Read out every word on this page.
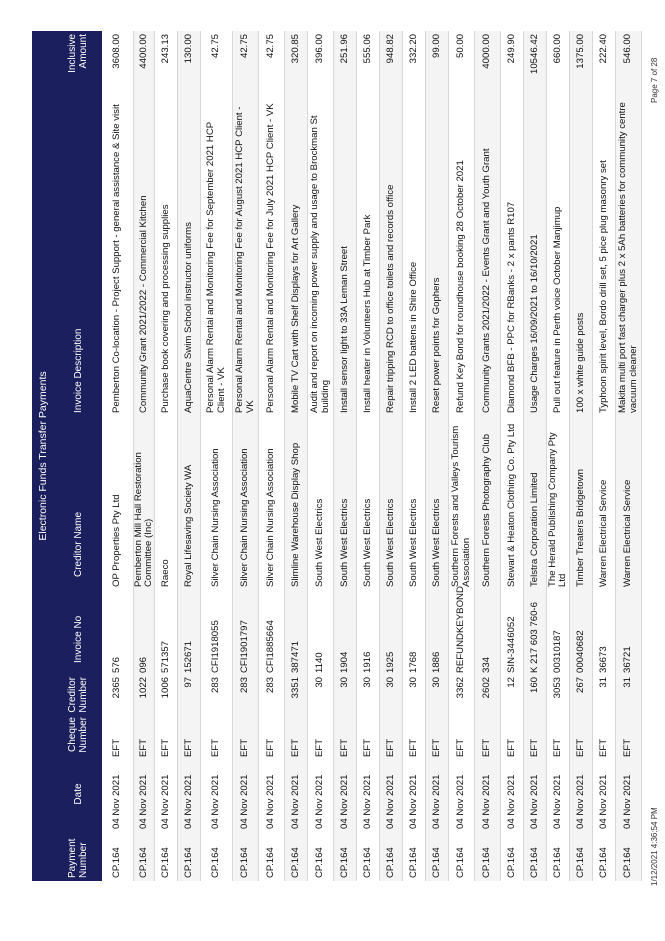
Electronic Funds Transfer Payments
Payment Number
Date
Cheque Number
Creditor Number
Invoice No
Creditor Name
Invoice Description
Inclusive Amount
CP.164
04 Nov 2021
EFT
2365
576
OP Properties Pty Ltd
Pemberton Co-location - Project Support - general assistance & Site visit
3608.00
CP.164
04 Nov 2021
EFT
1022
096
Pemberton Mill Hall Restoration Committee (Inc)
Community Grant 2021/2022 - Commercial Kitchen
4400.00
CP.164
04 Nov 2021
EFT
1006
571357
Raeco
Purchase book covering and processing supplies
243.13
CP.164
04 Nov 2021
EFT
97
152671
Royal Lifesaving Society WA
AquaCentre Swim School instructor uniforms
130.00
CP.164
04 Nov 2021
EFT
283
CFI1918055
Silver Chain Nursing Association
Personal Alarm Rental and Monitoring Fee for September 2021 HCP Client - VK
42.75
CP.164
04 Nov 2021
EFT
283
CFI1901797
Silver Chain Nursing Association
Personal Alarm Rental and Monitoring Fee for August 2021 HCP Client - VK
42.75
CP.164
04 Nov 2021
EFT
283
CFI1885664
Silver Chain Nursing Association
Personal Alarm Rental and Monitoring Fee for July 2021 HCP Client - VK
42.75
CP.164
04 Nov 2021
EFT
3351
387471
Slimline Warehouse Display Shop
Mobile TV Cart with Shelf Displays for Art Gallery
320.85
CP.164
04 Nov 2021
EFT
30
1140
South West Electrics
Audit and report on incoming power supply and usage to Brockman St building
396.00
CP.164
04 Nov 2021
EFT
30
1904
South West Electrics
Install sensor light to 33A Leman Street
251.96
CP.164
04 Nov 2021
EFT
30
1916
South West Electrics
Install heater in Volunteers Hub at Timber Park
555.06
CP.164
04 Nov 2021
EFT
30
1925
South West Electrics
Repair tripping RCD to office toilets and records office
948.82
CP.164
04 Nov 2021
EFT
30
1768
South West Electrics
Install 2 LED battens in Shire Office
332.20
CP.164
04 Nov 2021
EFT
30
1886
South West Electrics
Reset power points for Gophers
99.00
CP.164
04 Nov 2021
EFT
3362
REFUNDKEYBOND
Southern Forests and Valleys Tourism Association
Refund Key Bond for roundhouse booking 28 October 2021
50.00
CP.164
04 Nov 2021
EFT
2602
334
Southern Forests Photography Club
Community Grants 2021/2022 - Events Grant and Youth Grant
4000.00
CP.164
04 Nov 2021
EFT
12
SIN-3446052
Stewart & Heaton Clothing Co. Pty Ltd
Diamond BFB - PPC for RBanks - 2 x pants R107
249.90
CP.164
04 Nov 2021
EFT
160
K 217 603 760-6
Telstra Corporation Limited
Usage Charges 16/09/2021 to 16/10/2021
10546.42
CP.164
04 Nov 2021
EFT
3053
00310187
The Herald Publishing Company Pty Ltd
Pull out feature in Perth voice October Manjimup
660.00
CP.164
04 Nov 2021
EFT
267
00040682
Timber Treaters Bridgetown
100 x white guide posts
1375.00
CP.164
04 Nov 2021
EFT
31
36673
Warren Electrical Service
Typhoon spirit level, Bordo drill set, 5 pice plug masonry set
222.40
CP.164
04 Nov 2021
EFT
31
36721
Warren Electrical Service
Makita multi port fast charger plus 2 x 5Ah batteries for community centre vacuum cleaner
546.00
1/12/2021 4:36:54 PM
Page 7 of 28
